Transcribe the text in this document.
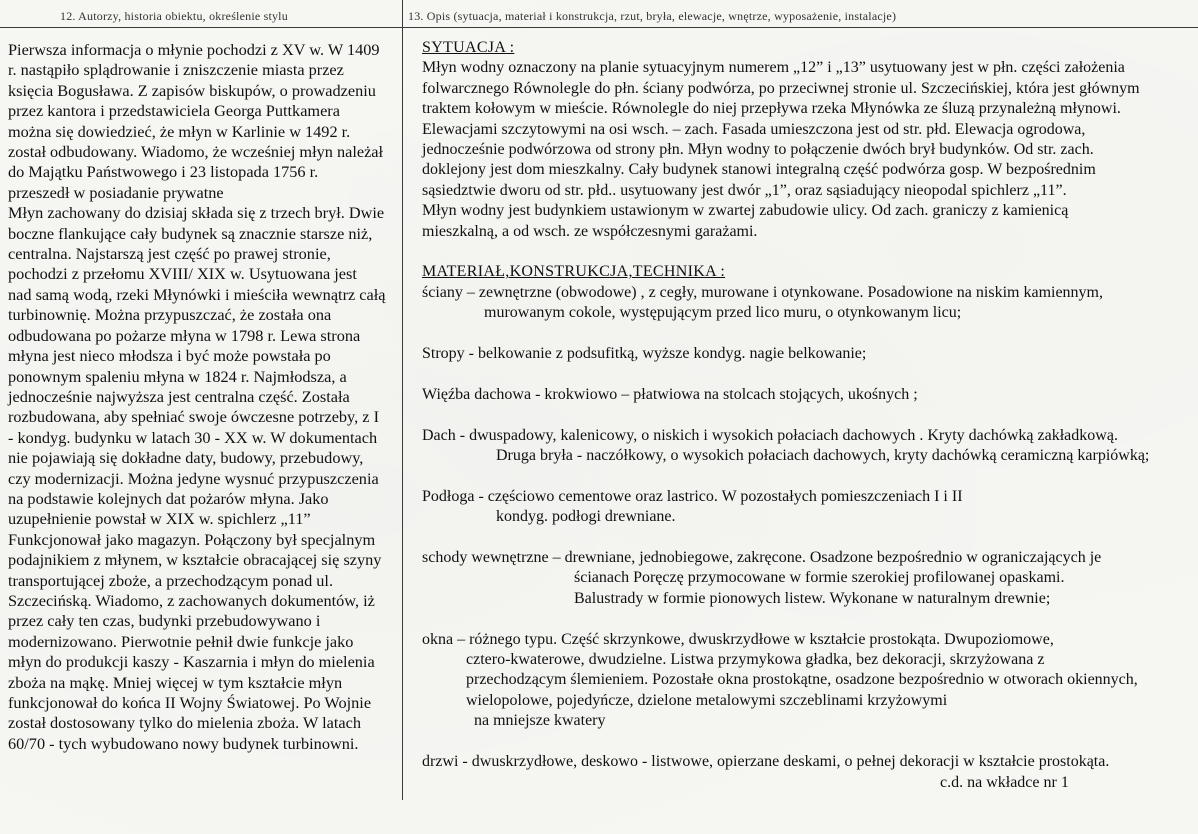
12. Autorzy, historia obiektu, określenie stylu	13. Opis (sytuacja, materiał i konstrukcja, rzut, bryła, elewacje, wnętrze, wyposażenie, instalacje)
Pierwsza informacja o młynie pochodzi z XV w. W 1409
r. nastąpiło splądrowanie i zniszczenie miasta przez
księcia Bogusława. Z zapisów biskupów, o prowadzeniu
przez kantora i przedstawiciela Georga Puttkamera
można się dowiedzieć, że młyn w Karlinie w 1492 r.
został odbudowany. Wiadomo, że wcześniej młyn należał
do Majątku Państwowego i 23 listopada 1756 r.
przeszedł w posiadanie prywatne
Młyn zachowany do dzisiaj składa się z trzech brył. Dwie
boczne flankujące cały budynek są znacznie starsze niż,
centralna. Najstarszą jest część po prawej stronie,
pochodzi z przełomu XVIII/ XIX w. Usytuowana jest
nad samą wodą, rzeki Młynówki i mieściła wewnątrz całą
turbinownię. Można przypuszczać, że została ona
odbudowana po pożarze młyna w 1798 r. Lewa strona
młyna jest nieco młodsza i być może powstała po
ponownym spaleniu młyna w 1824 r. Najmłodsza, a
jednocześnie najwyższa jest centralna część. Została
rozbudowana, aby spełniać swoje ówczesne potrzeby, z I
- kondyg. budynku w latach 30 - XX w. W dokumentach
nie pojawiają się dokładne daty, budowy, przebudowy,
czy modernizacji. Można jedyne wysnuć przypuszczenia
na podstawie kolejnych dat pożarów młyna. Jako
uzupełnienie powstał w XIX w. spichlerz „11”
Funkcjonował jako magazyn. Połączony był specjalnym
podajnikiem z młynem, w kształcie obracającej się szyny
transportującej zboże, a przechodzącym ponad ul.
Szczecińską. Wiadomo, z zachowanych dokumentów, iż
przez cały ten czas, budynki przebudowywano i
modernizowano. Pierwotnie pełnił dwie funkcje jako
młyn do produkcji kaszy - Kaszarnia i młyn do mielenia
zboża na mąkę. Mniej więcej w tym kształcie młyn
funkcjonował do końca II Wojny Światowej. Po Wojnie
został dostosowany tylko do mielenia zboża. W latach
60/70 - tych wybudowano nowy budynek turbinowni.
SYTUACJA :
Młyn wodny oznaczony na planie sytuacyjnym numerem „12” i „13” usytuowany jest w płn. części założenia
folwarcznego Równolegle do płn. ściany podwórza, po przeciwnej stronie ul. Szczecińskiej, która jest głównym
traktem kołowym w mieście. Równolegle do niej przepływa rzeka Młynówka ze śluzą przynależną młynowi.
Elewacjami szczytowymi na osi wsch. – zach. Fasada umieszczona jest od str. płd. Elewacja ogrodowa,
jednocześnie podwórzowa od strony płn. Młyn wodny to połączenie dwóch brył budynków. Od str. zach.
doklejony jest dom mieszkalny. Cały budynek stanowi integralną część podwórza gosp. W bezpośrednim
sąsiedztwie dworu od str. płd.. usytuowany jest dwór „1”, oraz sąsiadujący nieopodal spichlerz „11”.
Młyn wodny jest budynkiem ustawionym w zwartej zabudowie ulicy. Od zach. graniczy z kamienicą
mieszkalną, a od wsch. ze współczesnymi garażami.
MATERIAŁ,KONSTRUKCJA,TECHNIKA :
ściany – zewnętrzne (obwodowe) , z cegły, murowane i otynkowane. Posadowione na niskim kamiennym,
murowanym cokole, występującym przed lico muru, o otynkowanym licu;
Stropy - belkowanie z podsufitką, wyższe kondyg. nagie belkowanie;
Więźba dachowa - krokwiowo – płatwiowa na stolcach stojących, ukośnych ;
Dach - dwuspadowy, kalenicowy, o niskich i wysokich połaciach dachowych . Kryty dachówką zakładkową.
Druga bryła - naczółkowy, o wysokich połaciach dachowych, kryty dachówką ceramiczną karpiówką;
Podłoga - częściowo cementowe oraz lastrico. W pozostałych pomieszczeniach I i II
kondyg. podłogi drewniane.
schody wewnętrzne – drewniane, jednobiegowe, zakręcone. Osadzone bezpośrednio w ograniczających je
ścianach Poręczę przymocowane w formie szerokiej profilowanej opaskami.
Balustrady w formie pionowych listew. Wykonane w naturalnym drewnie;
okna – różnego typu. Część skrzynkowe, dwuskrzydłowe w kształcie prostokąta. Dwupoziomowe,
cztero-kwaterowe, dwudzielne. Listwa przymykowa gładka, bez dekoracji, skrzyżowana z
przechodzącym ślemieniem. Pozostałe okna prostokątne, osadzone bezpośrednio w otworach okiennych,
wielopolowe, pojedyńcze, dzielone metalowymi szczeblinami krzyżowymi
na mniejsze kwatery
drzwi - dwuskrzydłowe, deskowo - listwowe, opierzane deskami, o pełnej dekoracji w kształcie prostokąta.
c.d. na wkładce nr 1
